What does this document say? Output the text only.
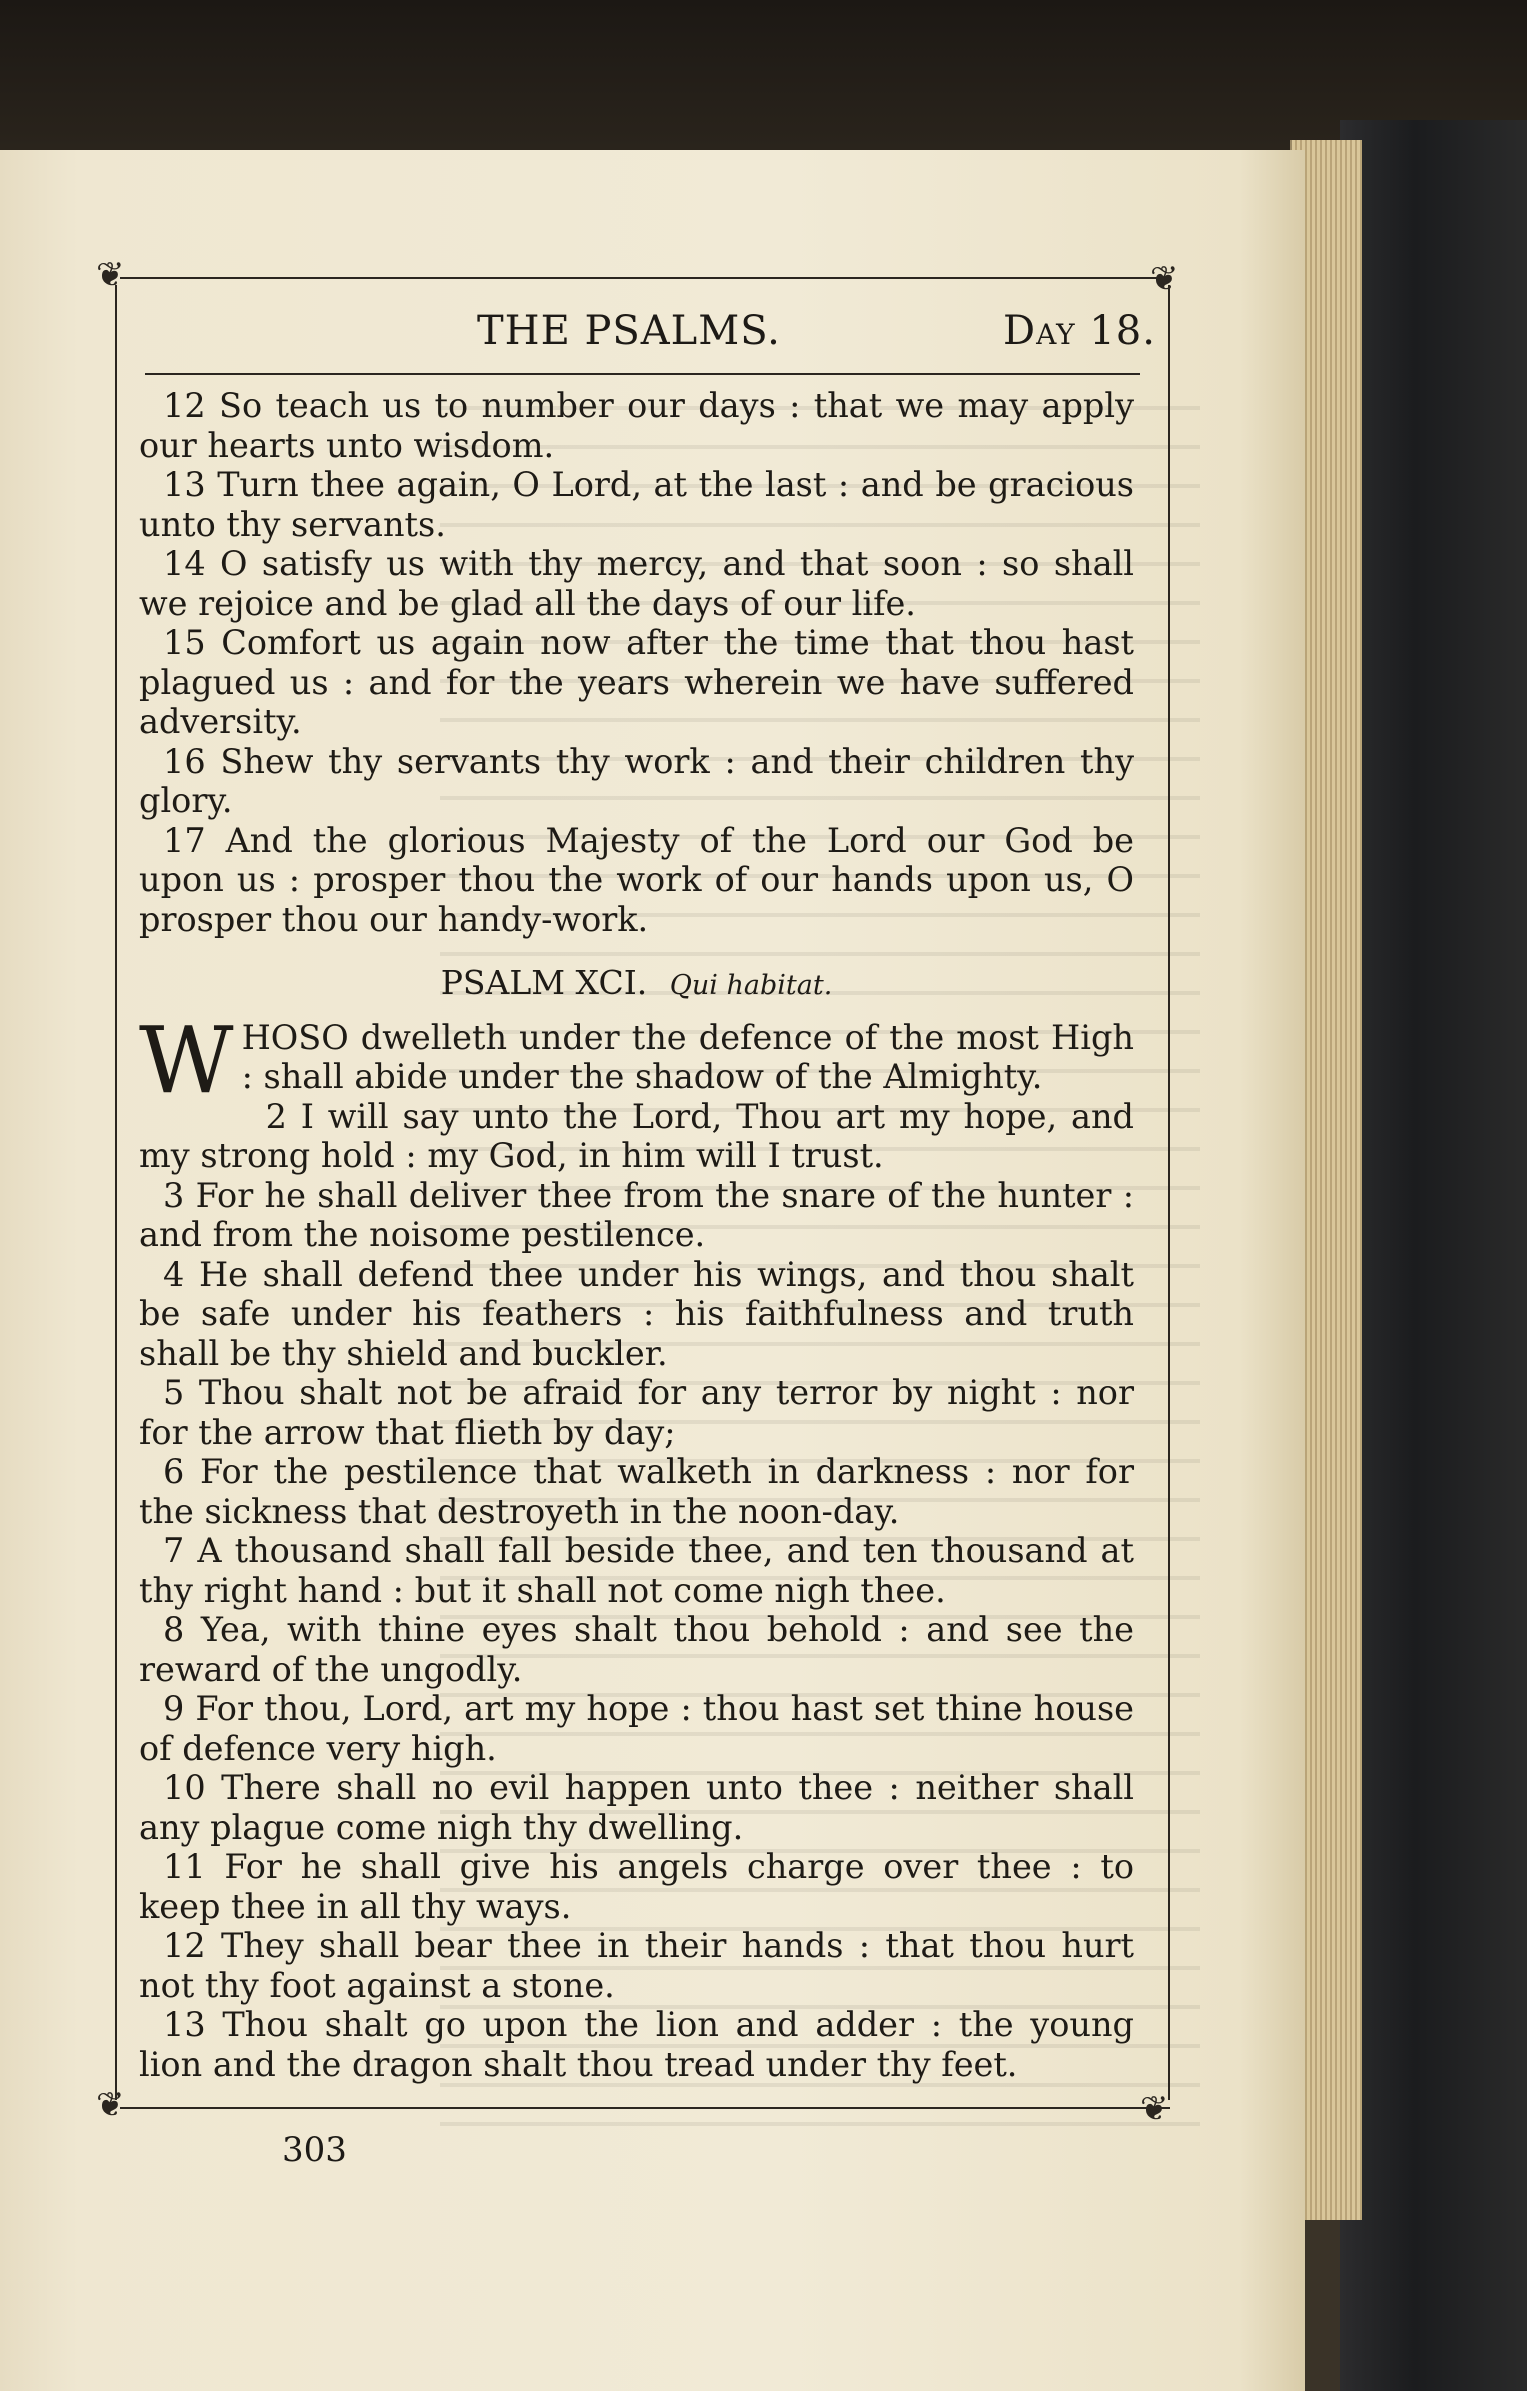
❦	❦
❦	❦
THE PSALMS.	Day 18.

12 So teach us to number our days : that we may apply our hearts unto wisdom.

13 Turn thee again, O Lord, at the last : and be gracious unto thy servants.

14 O satisfy us with thy mercy, and that soon : so shall we rejoice and be glad all the days of our life.

15 Comfort us again now after the time that thou hast plagued us : and for the years wherein we have suffered adversity.

16 Shew thy servants thy work : and their children thy glory.

17 And the glorious Majesty of the Lord our God be upon us : prosper thou the work of our hands upon us, O prosper thou our handy-work.

PSALM XCI. Qui habitat.

WHOSO dwelleth under the defence of the most High : shall abide under the shadow of the Almighty.

2 I will say unto the Lord, Thou art my hope, and my strong hold : my God, in him will I trust.

3 For he shall deliver thee from the snare of the hunter : and from the noisome pestilence.

4 He shall defend thee under his wings, and thou shalt be safe under his feathers : his faithfulness and truth shall be thy shield and buckler.

5 Thou shalt not be afraid for any terror by night : nor for the arrow that flieth by day;

6 For the pestilence that walketh in darkness : nor for the sickness that destroyeth in the noon-day.

7 A thousand shall fall beside thee, and ten thousand at thy right hand : but it shall not come nigh thee.

8 Yea, with thine eyes shalt thou behold : and see the reward of the ungodly.

9 For thou, Lord, art my hope : thou hast set thine house of defence very high.

10 There shall no evil happen unto thee : neither shall any plague come nigh thy dwelling.

11 For he shall give his angels charge over thee : to keep thee in all thy ways.

12 They shall bear thee in their hands : that thou hurt not thy foot against a stone.

13 Thou shalt go upon the lion and adder : the young lion and the dragon shalt thou tread under thy feet.

303
